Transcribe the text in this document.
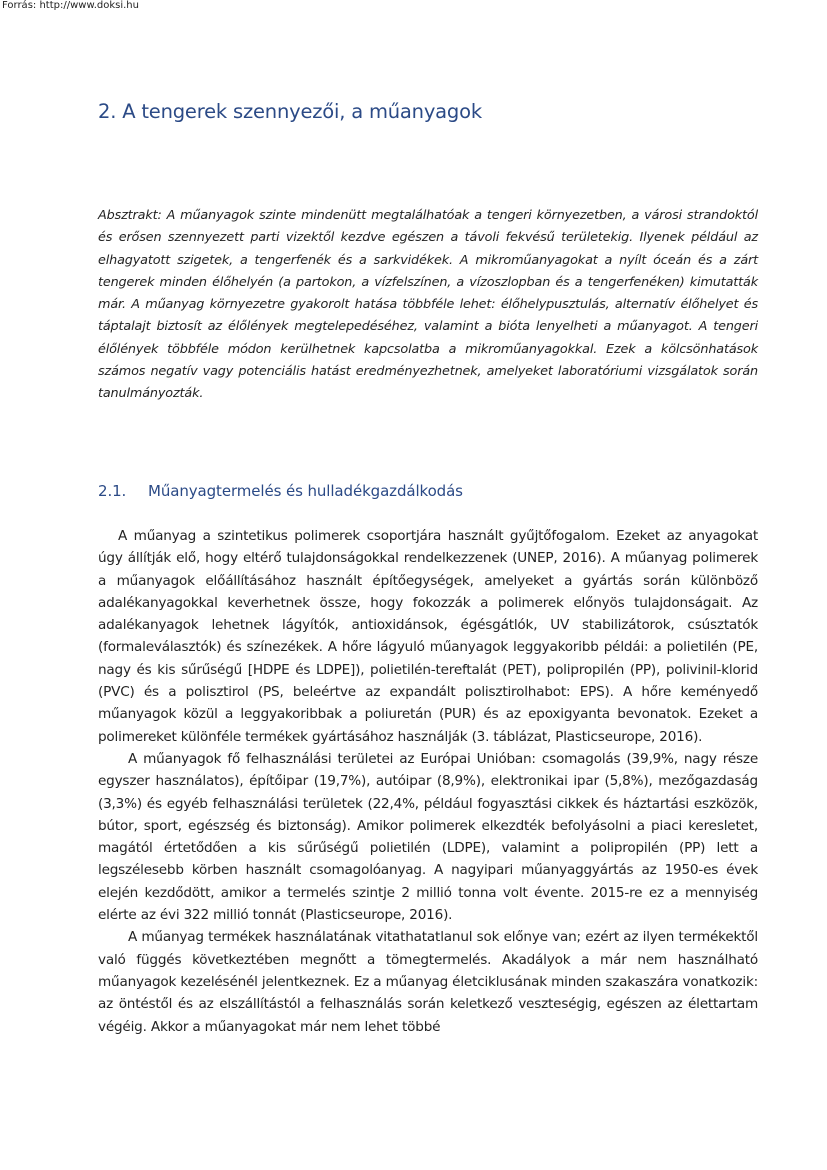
Forrás: http://www.doksi.hu
2. A tengerek szennyezői, a műanyagok

Absztrakt: A műanyagok szinte mindenütt megtalálhatóak a tengeri környezetben, a városi strandoktól és erősen szennyezett parti vizektől kezdve egészen a távoli fekvésű területekig. Ilyenek például az elhagyatott szigetek, a tengerfenék és a sarkvidékek. A mikroműanyagokat a nyílt óceán és a zárt tengerek minden élőhelyén (a partokon, a vízfelszínen, a vízoszlopban és a tengerfenéken) kimutatták már. A műanyag környezetre gyakorolt hatása többféle lehet: élőhelypusztulás, alternatív élőhelyet és táptalajt biztosít az élőlények megtelepedéséhez, valamint a bióta lenyelheti a műanyagot. A tengeri élőlények többféle módon kerülhetnek kapcsolatba a mikroműanyagokkal. Ezek a kölcsönhatások számos negatív vagy potenciális hatást eredményezhetnek, amelyeket laboratóriumi vizsgálatok során tanulmányozták.

2.1. Műanyagtermelés és hulladékgazdálkodás

A műanyag a szintetikus polimerek csoportjára használt gyűjtőfogalom. Ezeket az anyagokat úgy állítják elő, hogy eltérő tulajdonságokkal rendelkezzenek (UNEP, 2016). A műanyag polimerek a műanyagok előállításához használt építőegységek, amelyeket a gyártás során különböző adalékanyagokkal keverhetnek össze, hogy fokozzák a polimerek előnyös tulajdonságait. Az adalékanyagok lehetnek lágyítók, antioxidánsok, égésgátlók, UV stabilizátorok, csúsztatók (formaleválasztók) és színezékek. A hőre lágyuló műanyagok leggyakoribb példái: a polietilén (PE, nagy és kis sűrűségű [HDPE és LDPE]), polietilén-tereftalát (PET), polipropilén (PP), polivinil-klorid (PVC) és a polisztirol (PS, beleértve az expandált polisztirolhabot: EPS). A hőre keményedő műanyagok közül a leggyakoribbak a poliuretán (PUR) és az epoxigyanta bevonatok. Ezeket a polimereket különféle termékek gyártásához használják (3. táblázat, Plasticseurope, 2016).

A műanyagok fő felhasználási területei az Európai Unióban: csomagolás (39,9%, nagy része egyszer használatos), építőipar (19,7%), autóipar (8,9%), elektronikai ipar (5,8%), mezőgazdaság (3,3%) és egyéb felhasználási területek (22,4%, például fogyasztási cikkek és háztartási eszközök, bútor, sport, egészség és biztonság). Amikor polimerek elkezdték befolyásolni a piaci keresletet, magától értetődően a kis sűrűségű polietilén (LDPE), valamint a polipropilén (PP) lett a legszélesebb körben használt csomagolóanyag. A nagyipari műanyaggyártás az 1950-es évek elején kezdődött, amikor a termelés szintje 2 millió tonna volt évente. 2015-re ez a mennyiség elérte az évi 322 millió tonnát (Plasticseurope, 2016).

A műanyag termékek használatának vitathatatlanul sok előnye van; ezért az ilyen termékektől való függés következtében megnőtt a tömegtermelés. Akadályok a már nem használható műanyagok kezelésénél jelentkeznek. Ez a műanyag életciklusának minden szakaszára vonatkozik: az öntéstől és az elszállítástól a felhasználás során keletkező veszteségig, egészen az élettartam végéig. Akkor a műanyagokat már nem lehet többé
